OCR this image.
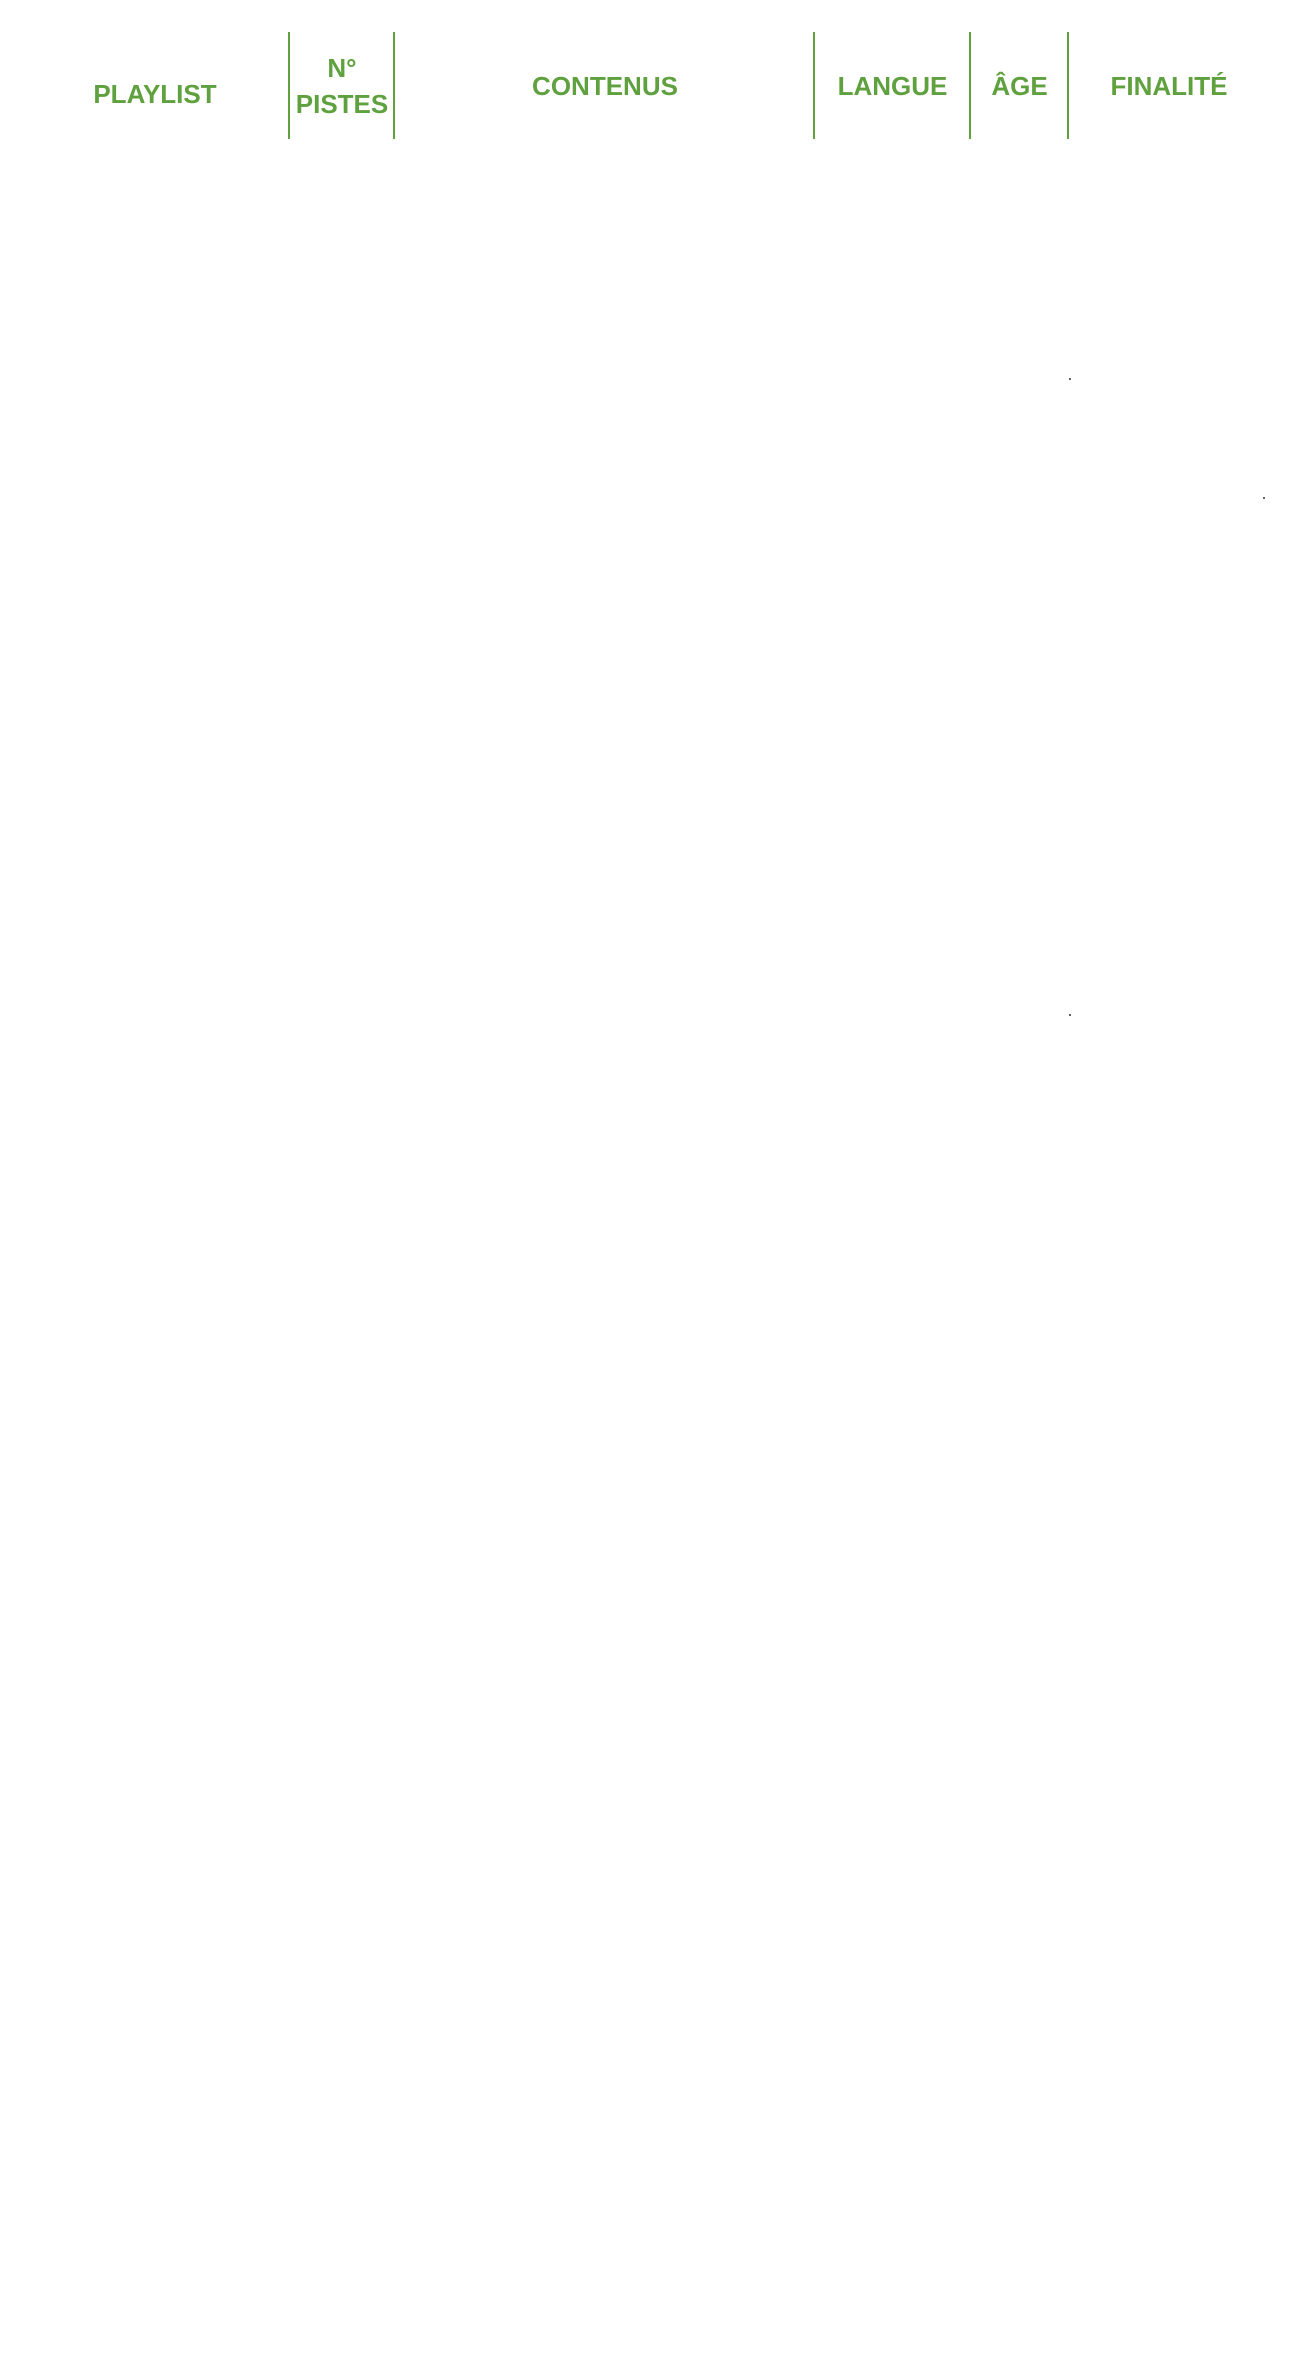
PLAYLIST
N°
PISTES
CONTENUS	LANGUE ÂGE FINALITÉ
